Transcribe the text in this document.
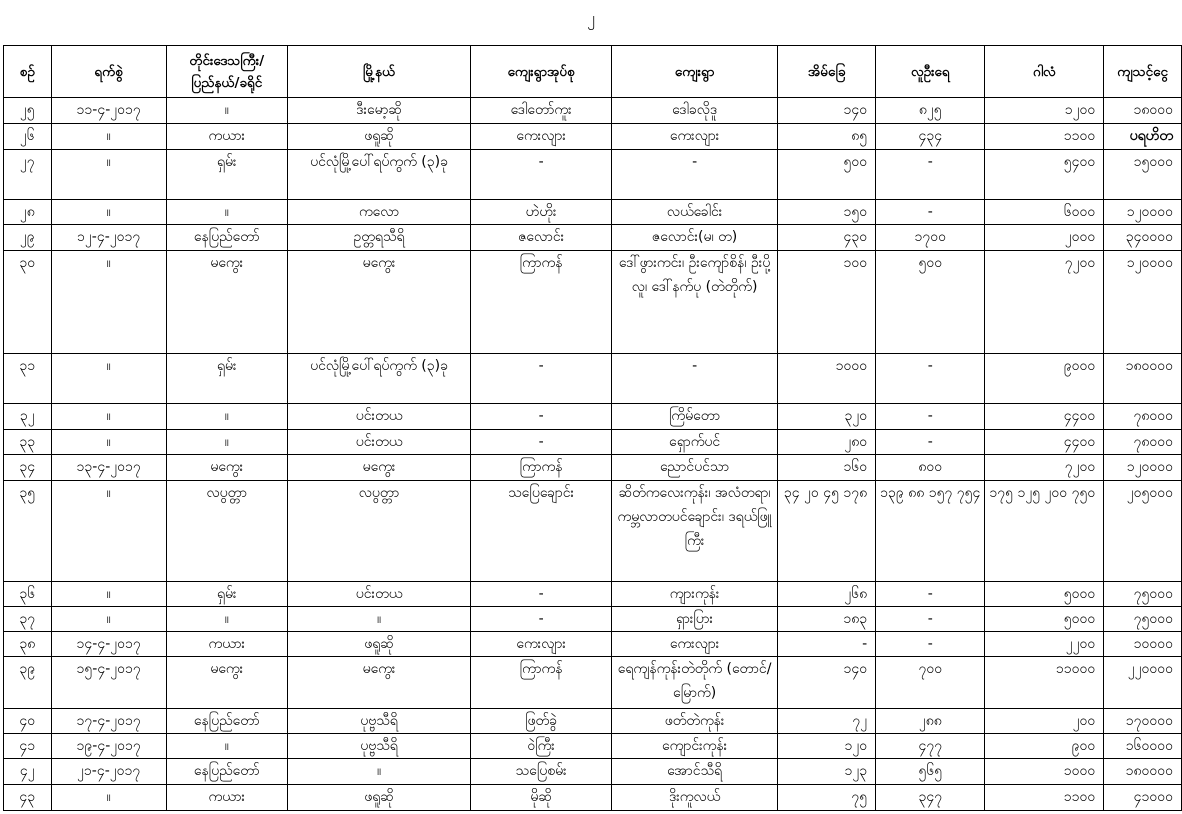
၂
စဉ်	ရက်စွဲ	တိုင်းဒေသကြီး/ ပြည်နယ်/ခရိုင်	မြို့နယ်	ကျေးရွာအုပ်စု	ကျေးရွာ	အိမ်ခြေ	လူဦးရေ	ဂါလံ	ကျသင့်ငွေ
၂၅	၁၁-၄-၂၀၁၇	။	ဒီးမော့ဆို	ဒေါတော်ကူး	ဒေါခလိုဒူ	၁၄၀	၈၂၅	၁၂၀၀	၁၈၀၀၀
၂၆	။	ကယား	ဖရူဆို	ကေးလျား	ကေးလျား	၈၅	၄၃၄	၁၁၀၀	ပရဟိတ
၂၇	။	ရှမ်း	ပင်လုံမြို့ပေါ်ရပ်ကွက် (၃)ခု	-	-	၅၀၀	-	၅၄၀၀	၁၅၀၀၀
၂၈	။	။	ကလော	ဟဲဟိုး	လယ်ခေါင်း	၁၅၀	-	၆၀၀၀	၁၂၀၀၀၀
၂၉	၁၂-၄-၂၀၁၇	နေပြည်တော်	ဥတ္တရသီရိ	ဇလောင်း	ဇလောင်း(မ၊ တ)	၄၃၀	၁၇၀၀	၂၀၀၀	၃၄၀၀၀၀
၃၀	။	မကွေး	မကွေး	ကြာကန်	ဒေါ်ဖွားကင်း၊ ဦးကျော်စိန်၊ ဦးပို့လူ၊ ဒေါ်နက်ပု (တဲတိုက်)	၁၀၀	၅၀၀	၇၂၀၀	၁၂၀၀၀၀
၃၁	။	ရှမ်း	ပင်လုံမြို့ပေါ်ရပ်ကွက် (၃)ခု	-	-	၁၀၀၀	-	၉၀၀၀	၁၈၀၀၀၀
၃၂	။	။	ပင်းတယ	-	ကြိမ်တော	၃၂၀	-	၄၄၀၀	၇၈၀၀၀
၃၃	။	။	ပင်းတယ	-	ရှောက်ပင်	၂၈၀	-	၄၄၀၀	၇၈၀၀၀
၃၄	၁၃-၄-၂၀၁၇	မကွေး	မကွေး	ကြာကန်	ညောင်ပင်သာ	၁၆၀	၈၀၀	၇၂၀၀	၁၂၀၀၀၀
၃၅	။	လပွတ္တာ	လပွတ္တာ	သပြေချောင်း	ဆိတ်ကလေးကုန်း၊ အလံတရာ၊ ကမ္ဘလာတပင်ချောင်း၊ ဒရယ်ဖြူကြီး	၃၄ ၂၀ ၄၅ ၁၇၈	၁၃၉ ၈၈ ၁၅၇ ၇၅၄	၁၇၅ ၁၂၅ ၂၀၀ ၇၅၀	၂၀၅၀၀၀
၃၆	။	ရှမ်း	ပင်းတယ	-	ကျားကုန်း	၂၆၈	-	၅၀၀၀	၇၅၀၀၀
၃၇	။	။	။	-	ရှားပြား	၁၈၃	-	၅၀၀၀	၇၅၀၀၀
၃၈	၁၄-၄-၂၀၁၇	ကယား	ဖရူဆို	ကေးလျား	ကေးလျား	-	-	၂၂၀၀	၁၀၀၀၀
၃၉	၁၅-၄-၂၀၁၇	မကွေး	မကွေး	ကြာကန်	ရေကျန်ကုန်းတဲတိုက် (တောင်/မြောက်)	၁၄၀	၇၀၀	၁၁၀၀၀	၂၂၀၀၀၀
၄၀	၁၇-၄-၂၀၁၇	နေပြည်တော်	ပုဗ္ဗသီရိ	ဖြတ်ခွဲ	ဖတ်တဲကုန်း	၇၂	၂၈၈	၂၀၀	၁၇၀၀၀၀
၄၁	၁၉-၄-၂၀၁၇	။	ပုဗ္ဗသီရိ	ဝဲကြီး	ကျောင်းကုန်း	၁၂၀	၄၇၇	၉၀၀	၁၆၀၀၀၀
၄၂	၂၁-၄-၂၀၁၇	နေပြည်တော်	။	သပြေစမ်း	အောင်သီရိ	၁၂၃	၅၆၅	၁၀၀၀	၁၈၀၀၀၀
၄၃	။	ကယား	ဖရူဆို	မိုဆို	ဒိုးကူလယ်	၇၅	၃၄၇	၁၁၀၀	၄၁၀၀၀
